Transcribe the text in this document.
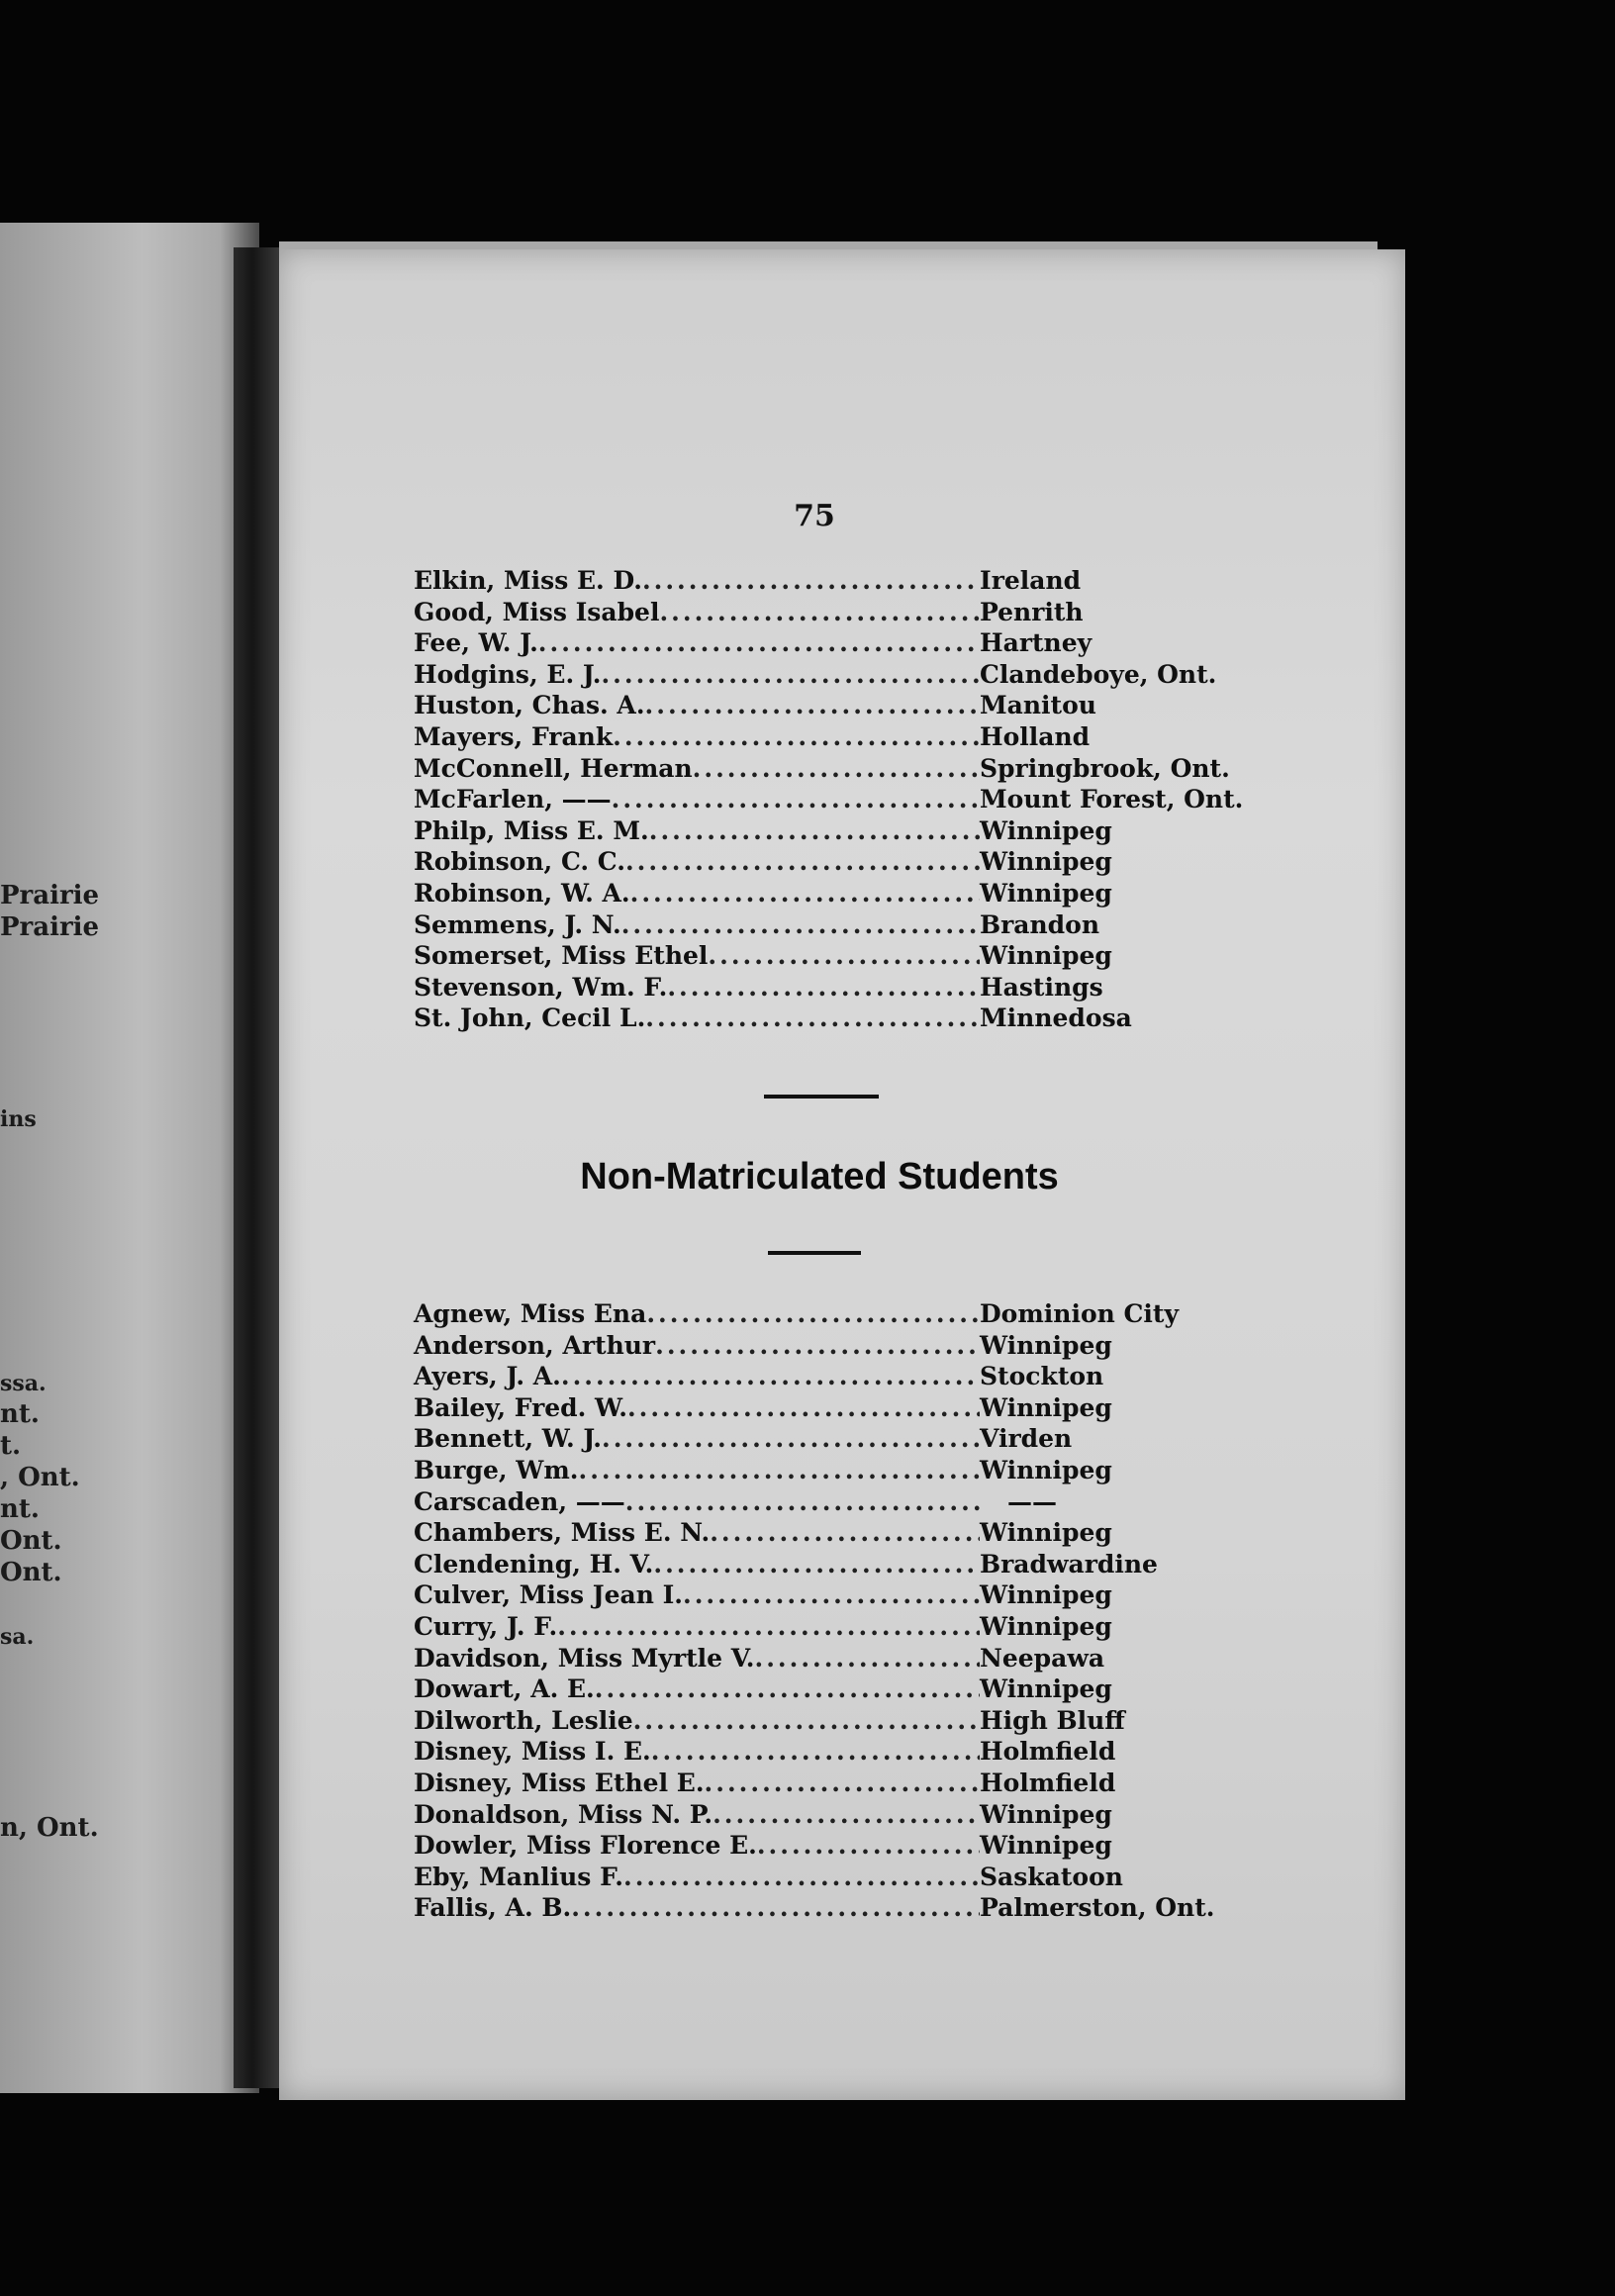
Prairie
Prairie
ins
ssa.
nt.
t.
, Ont.
nt.
Ont.
Ont.
sa.
n, Ont.
75
Elkin, Miss E. D. .....	Ireland
Good, Miss Isabel .....	Penrith
Fee, W. J. .....	Hartney
Hodgins, E. J. .....	Clandeboye, Ont.
Huston, Chas. A. .....	Manitou
Mayers, Frank .....	Holland
McConnell, Herman .....	Springbrook, Ont.
McFarlen, —— .....	Mount Forest, Ont.
Philp, Miss E. M. .....	Winnipeg
Robinson, C. C. .....	Winnipeg
Robinson, W. A. .....	Winnipeg
Semmens, J. N. .....	Brandon
Somerset, Miss Ethel .....	Winnipeg
Stevenson, Wm. F. .....	Hastings
St. John, Cecil L. .....	Minnedosa
Non-Matriculated Students
Agnew, Miss Ena .....	Dominion City
Anderson, Arthur .....	Winnipeg
Ayers, J. A. .....	Stockton
Bailey, Fred. W. .....	Winnipeg
Bennett, W. J. .....	Virden
Burge, Wm. .....	Winnipeg
Carscaden, —— .....	——
Chambers, Miss E. N. .....	Winnipeg
Clendening, H. V. .....	Bradwardine
Culver, Miss Jean I. .....	Winnipeg
Curry, J. F. .....	Winnipeg
Davidson, Miss Myrtle V. .....	Neepawa
Dowart, A. E. .....	Winnipeg
Dilworth, Leslie .....	High Bluff
Disney, Miss I. E. .....	Holmfield
Disney, Miss Ethel E. .....	Holmfield
Donaldson, Miss N. P. .....	Winnipeg
Dowler, Miss Florence E. .....	Winnipeg
Eby, Manlius F. .....	Saskatoon
Fallis, A. B. .....	Palmerston, Ont.
